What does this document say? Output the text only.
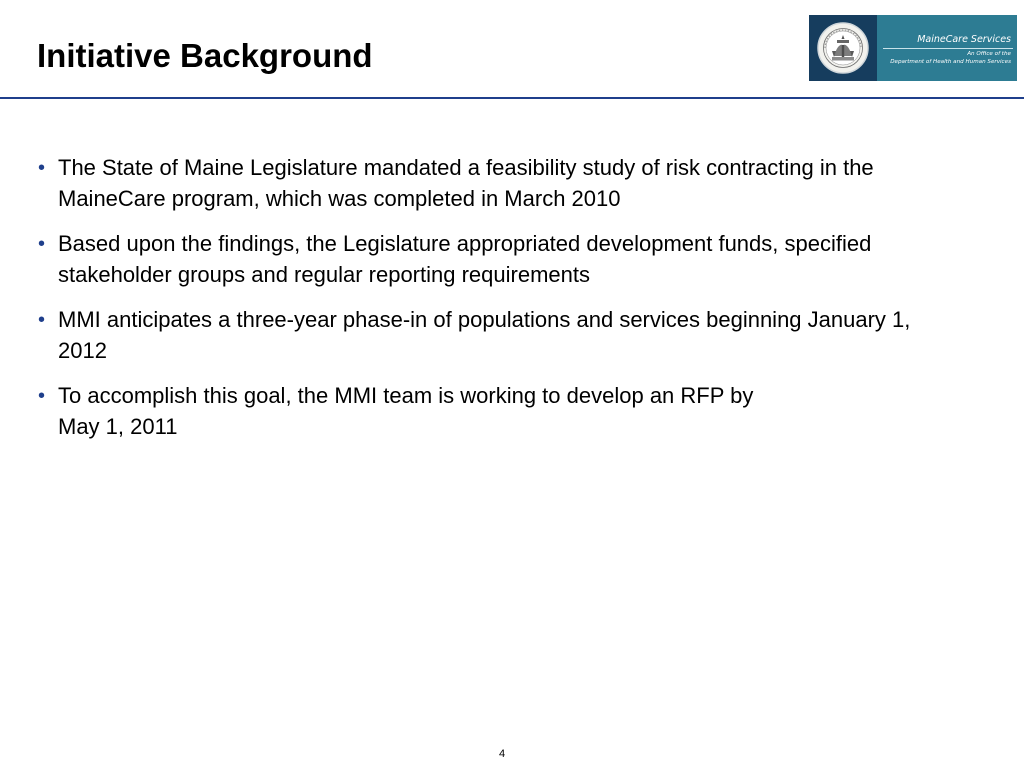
Initiative Background	MaineCare Services
An Office of the
Department of Health and Human Services
• The State of Maine Legislature mandated a feasibility study of risk contracting in the MaineCare program, which was completed in March 2010
• Based upon the findings, the Legislature appropriated development funds, specified stakeholder groups and regular reporting requirements
• MMI anticipates a three-year phase-in of populations and services beginning January 1, 2012
• To accomplish this goal, the MMI team is working to develop an RFP by
May 1, 2011
4
